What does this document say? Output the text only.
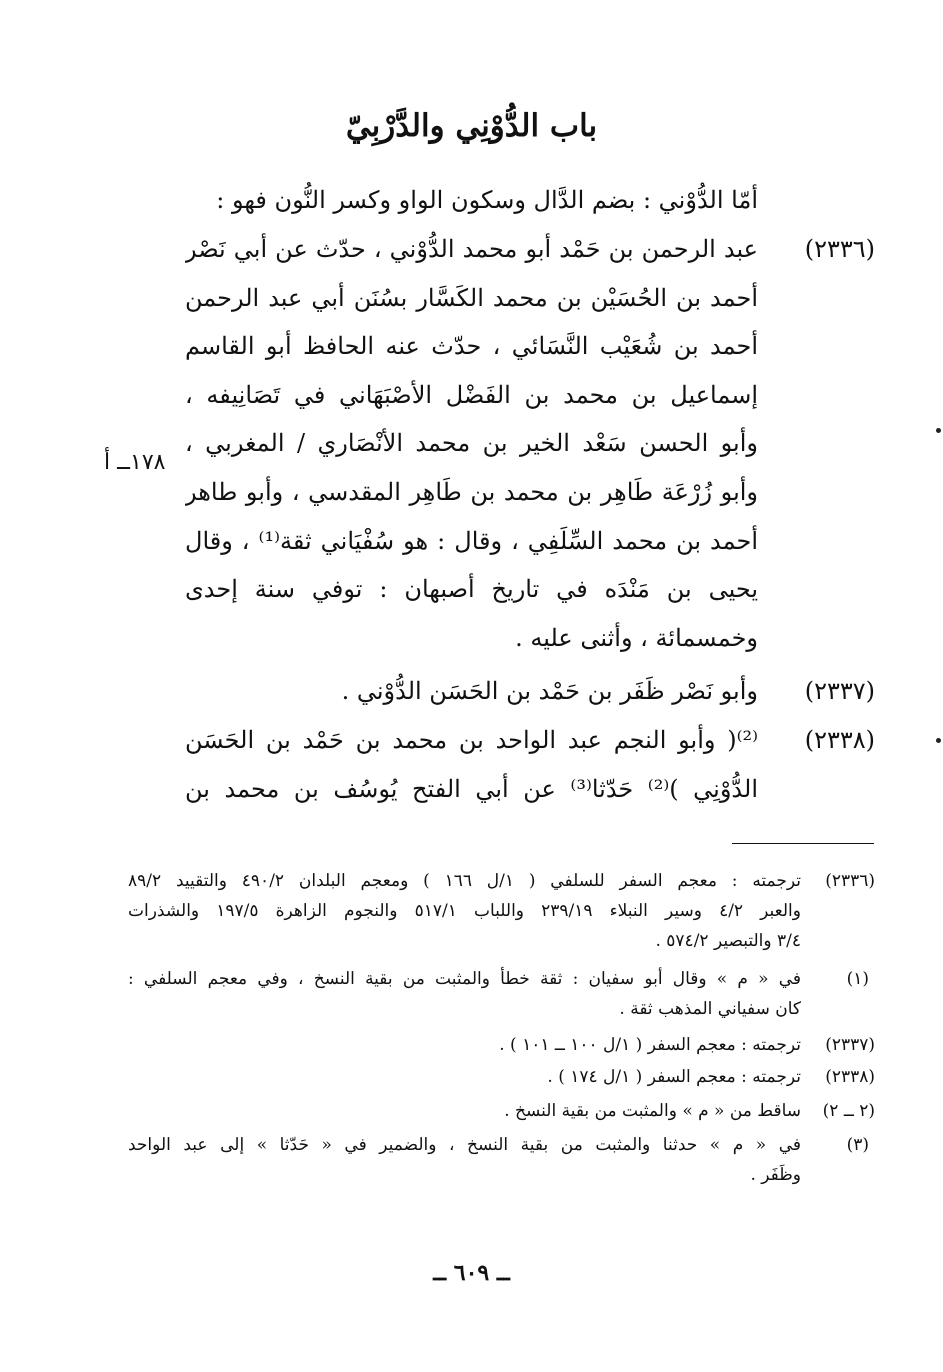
باب الدُّوْنِي والدَّرْبِيّ
أمّا الدُّوْني : بضم الدَّال وسكون الواو وكسر النُّون فهو :
(٢٣٣٦)
عبد الرحمن بن حَمْد أبو محمد الدُّوْني ، حدّث عن أبي نَصْر
أحمد بن الحُسَيْن بن محمد الكَسَّار بسُنَن أبي عبد الرحمن
أحمد بن شُعَيْب النَّسَائي ، حدّث عنه الحافظ أبو القاسم
إسماعيل بن محمد بن الفَضْل الأصْبَهَاني في تَصَانِيفه ،
وأبو الحسن سَعْد الخير بن محمد الأنْصَاري / المغربي ،
وأبو زُرْعَة طَاهِر بن محمد بن طَاهِر المقدسي ، وأبو طاهر
أحمد بن محمد السِّلَفِي ، وقال : هو سُفْيَاني ثقة⁽¹⁾ ، وقال
يحيى بن مَنْدَه في تاريخ أصبهان : توفي سنة إحدى
وخمسمائة ، وأثنى عليه .
(٢٣٣٧)
وأبو نَصْر ظَفَر بن حَمْد بن الحَسَن الدُّوْني .
(٢٣٣٨)
⁽²⁾( وأبو النجم عبد الواحد بن محمد بن حَمْد بن الحَسَن
الدُّوْنِي )⁽²⁾ حَدّثا⁽³⁾ عن أبي الفتح يُوسُف بن محمد بن
١٧٨ــ أ
(٢٣٣٦)
ترجمته : معجم السفر للسلفي ( ١/ل ١٦٦ ) ومعجم البلدان ٤٩٠/٢ والتقييد ٨٩/٢
والعبر ٤/٢ وسير النبلاء ٢٣٩/١٩ واللباب ٥١٧/١ والنجوم الزاهرة ١٩٧/٥ والشذرات
٣/٤ والتبصير ٥٧٤/٢ .
(١)
في « م » وقال أبو سفيان : ثقة خطأ والمثبت من بقية النسخ ، وفي معجم السلفي :
كان سفياني المذهب ثقة .
(٢٣٣٧)
ترجمته : معجم السفر ( ١/ل ١٠٠ ــ ١٠١ ) .
(٢٣٣٨)
ترجمته : معجم السفر ( ١/ل ١٧٤ ) .
(٢ ــ ٢)
ساقط من « م » والمثبت من بقية النسخ .
(٣)
في « م » حدثنا والمثبت من بقية النسخ ، والضمير في « حَدّثا » إلى عبد الواحد
وظَفَر .
ــ ٦٠٩ ــ
